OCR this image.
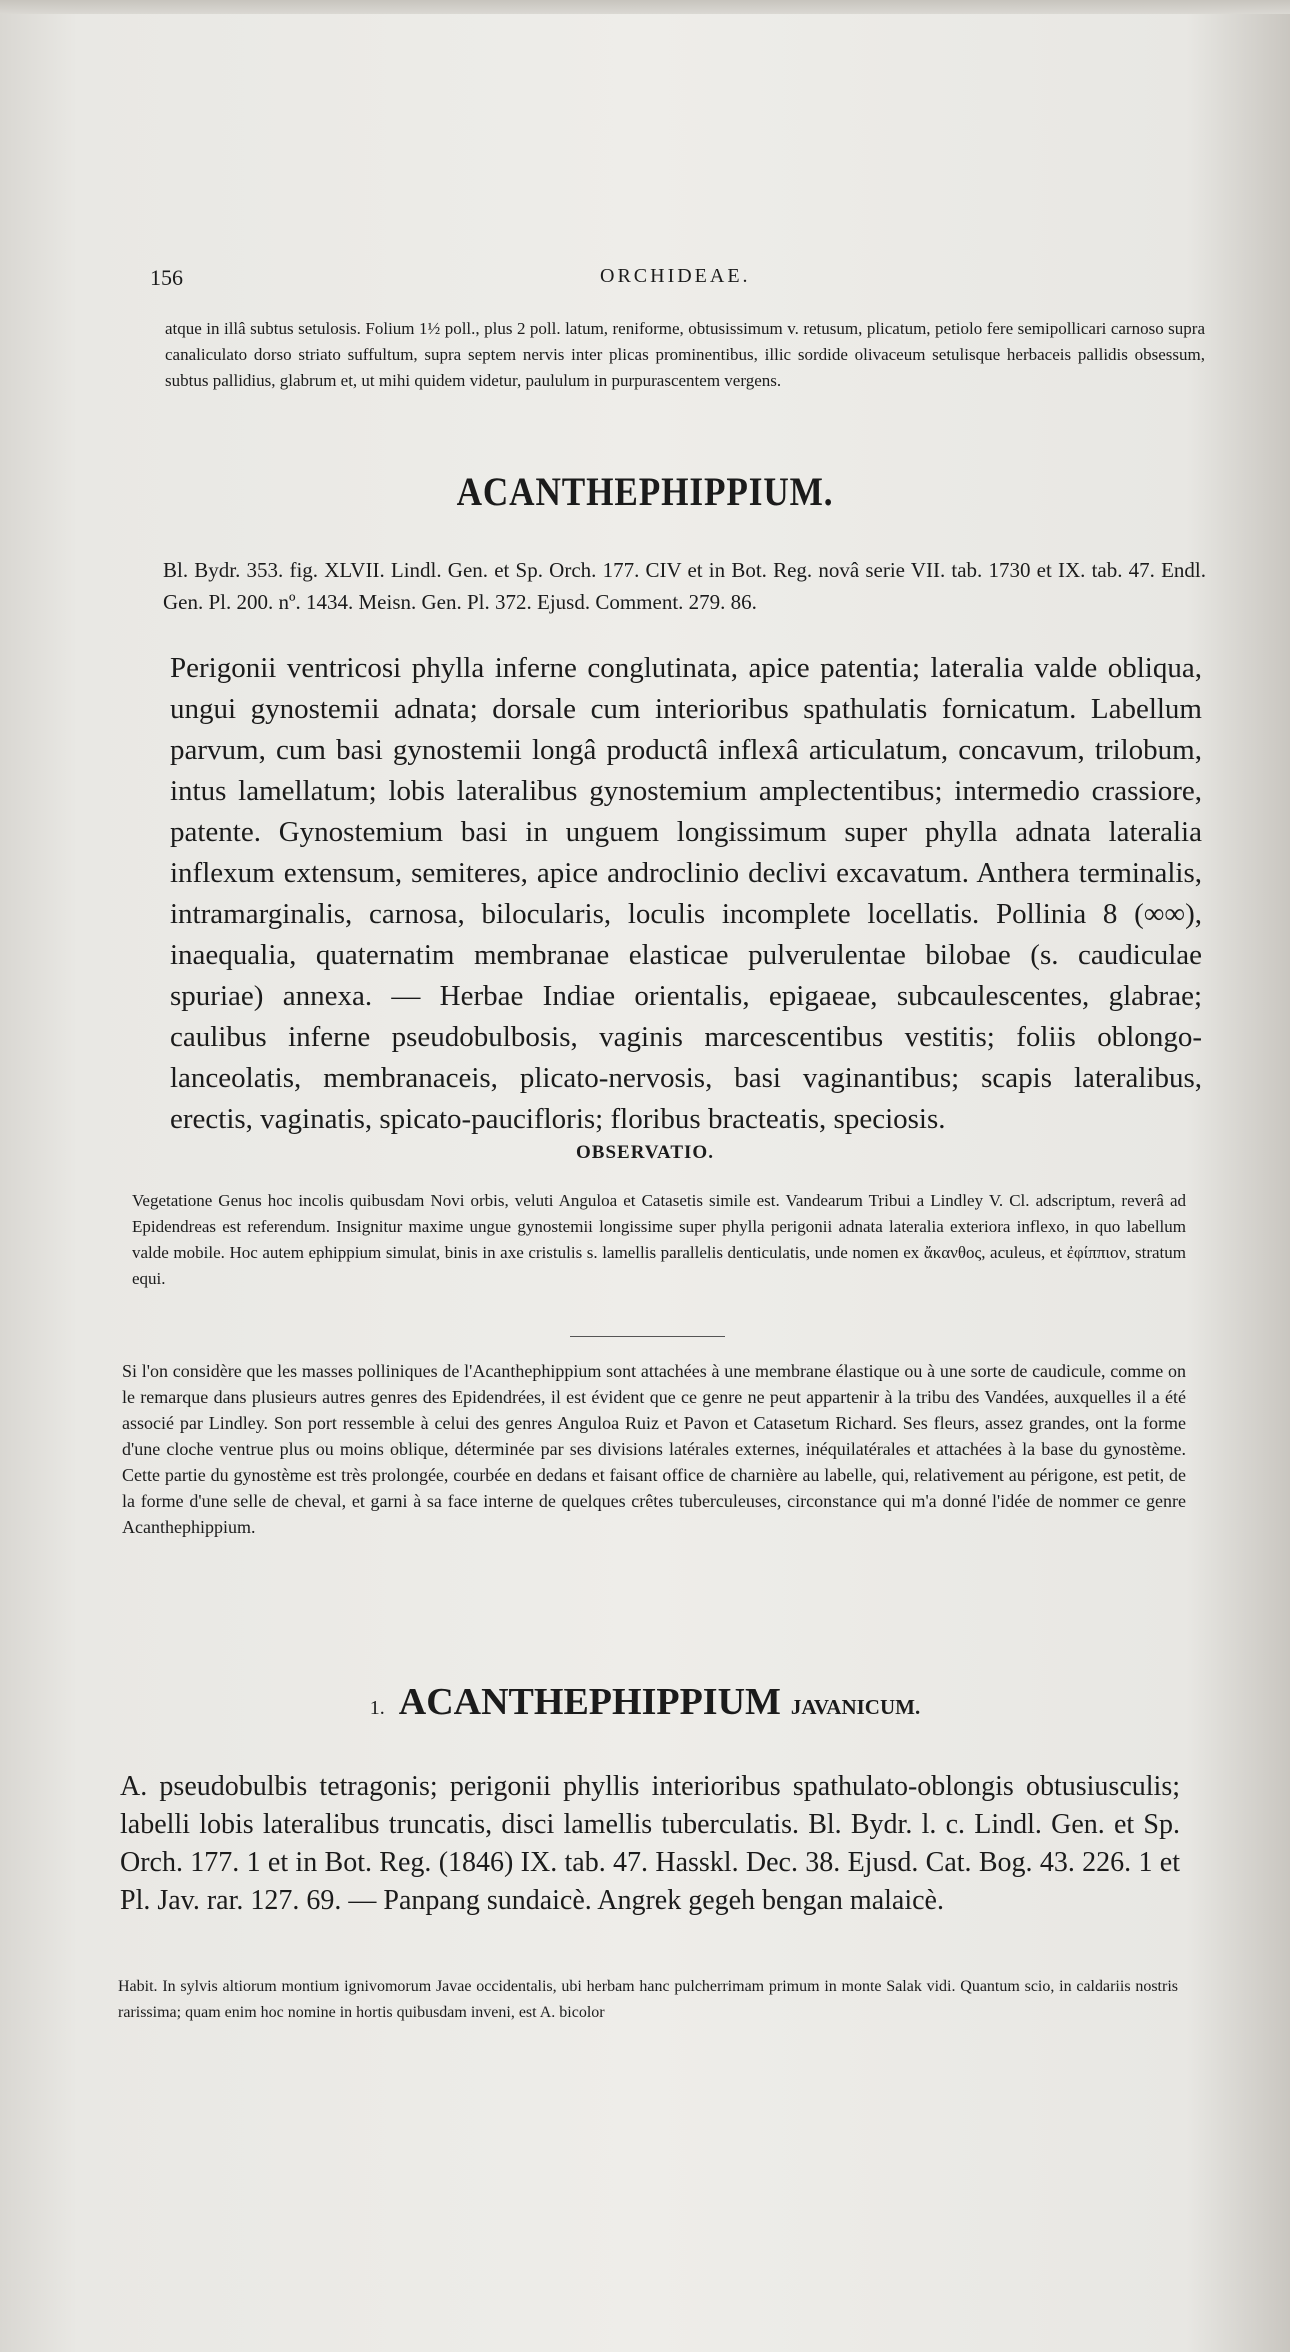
156	ORCHIDEAE.

atque in illâ subtus setulosis. Folium 1½ poll., plus 2 poll. latum, reniforme, obtusissimum v. retusum, plicatum, petiolo fere semipollicari carnoso supra canaliculato dorso striato suffultum, supra septem nervis inter plicas prominentibus, illic sordide olivaceum setulisque herbaceis pallidis obsessum, subtus pallidius, glabrum et, ut mihi quidem videtur, paululum in purpurascentem vergens.

ACANTHEPHIPPIUM.

Bl. Bydr. 353. fig. XLVII. Lindl. Gen. et Sp. Orch. 177. CIV et in Bot. Reg. novâ serie VII. tab. 1730 et IX. tab. 47. Endl. Gen. Pl. 200. nº. 1434. Meisn. Gen. Pl. 372. Ejusd. Comment. 279. 86.

Perigonii ventricosi phylla inferne conglutinata, apice patentia; lateralia valde obliqua, ungui gynostemii adnata; dorsale cum interioribus spathulatis fornicatum. Labellum parvum, cum basi gynostemii longâ productâ inflexâ articulatum, concavum, trilobum, intus lamellatum; lobis lateralibus gynostemium amplectentibus; intermedio crassiore, patente. Gynostemium basi in unguem longissimum super phylla adnata lateralia inflexum extensum, semiteres, apice androclinio declivi excavatum. Anthera terminalis, intramarginalis, carnosa, bilocularis, loculis incomplete locellatis. Pollinia 8 (∞∞), inaequalia, quaternatim membranae elasticae pulverulentae bilobae (s. caudiculae spuriae) annexa. — Herbae Indiae orientalis, epigaeae, subcaulescentes, glabrae; caulibus inferne pseudobulbosis, vaginis marcescentibus vestitis; foliis oblongo-lanceolatis, membranaceis, plicato-nervosis, basi vaginantibus; scapis lateralibus, erectis, vaginatis, spicato-paucifloris; floribus bracteatis, speciosis.

OBSERVATIO.

Vegetatione Genus hoc incolis quibusdam Novi orbis, veluti Anguloa et Catasetis simile est. Vandearum Tribui a Lindley V. Cl. adscriptum, reverâ ad Epidendreas est referendum. Insignitur maxime ungue gynostemii longissime super phylla perigonii adnata lateralia exteriora inflexo, in quo labellum valde mobile. Hoc autem ephippium simulat, binis in axe cristulis s. lamellis parallelis denticulatis, unde nomen ex ἄκανθος, aculeus, et ἐφίππιον, stratum equi.

Si l'on considère que les masses polliniques de l'Acanthephippium sont attachées à une membrane élastique ou à une sorte de caudicule, comme on le remarque dans plusieurs autres genres des Epidendrées, il est évident que ce genre ne peut appartenir à la tribu des Vandées, auxquelles il a été associé par Lindley. Son port ressemble à celui des genres Anguloa Ruiz et Pavon et Catasetum Richard. Ses fleurs, assez grandes, ont la forme d'une cloche ventrue plus ou moins oblique, déterminée par ses divisions latérales externes, inéquilatérales et attachées à la base du gynostème. Cette partie du gynostème est très prolongée, courbée en dedans et faisant office de charnière au labelle, qui, relativement au périgone, est petit, de la forme d'une selle de cheval, et garni à sa face interne de quelques crêtes tuberculeuses, circonstance qui m'a donné l'idée de nommer ce genre Acanthephippium.

1. ACANTHEPHIPPIUM JAVANICUM.

A. pseudobulbis tetragonis; perigonii phyllis interioribus spathulato-oblongis obtusiusculis; labelli lobis lateralibus truncatis, disci lamellis tuberculatis. Bl. Bydr. l. c. Lindl. Gen. et Sp. Orch. 177. 1 et in Bot. Reg. (1846) IX. tab. 47. Hasskl. Dec. 38. Ejusd. Cat. Bog. 43. 226. 1 et Pl. Jav. rar. 127. 69. — Panpang sundaicè. Angrek gegeh bengan malaicè.

Habit. In sylvis altiorum montium ignivomorum Javae occidentalis, ubi herbam hanc pulcherrimam primum in monte Salak vidi. Quantum scio, in caldariis nostris rarissima; quam enim hoc nomine in hortis quibusdam inveni, est A. bicolor
